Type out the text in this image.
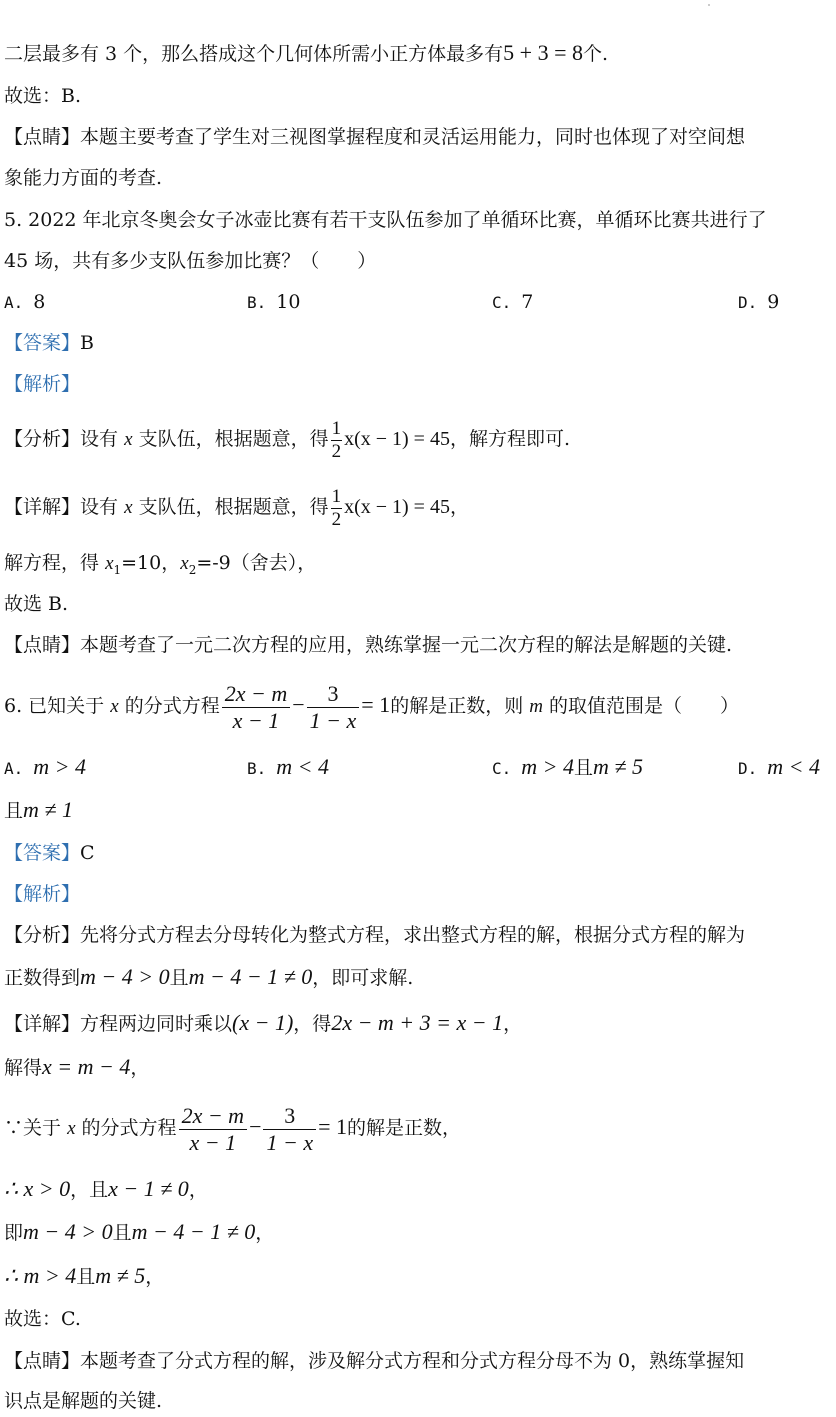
二层最多有 3 个，那么搭成这个几何体所需小正方体最多有5 + 3 = 8个.
故选：B.
【点睛】本题主要考查了学生对三视图掌握程度和灵活运用能力，同时也体现了对空间想
象能力方面的考查.
5. 2022 年北京冬奥会女子冰壶比赛有若干支队伍参加了单循环比赛，单循环比赛共进行了
45 场，共有多少支队伍参加比赛？（　　）
A. 8	B. 10	C. 7	D. 9
【答案】B
【解析】
【分析】设有 x 支队伍，根据题意，得 $\frac{1}{2} x(x - 1) = 45$，解方程即可.
【详解】设有 x 支队伍，根据题意，得 $\frac{1}{2} x(x - 1) = 45$，
解方程，得 $x_1=10$，$x_2=-9$（舍去），
故选 B.
【点睛】本题考查了一元二次方程的应用，熟练掌握一元二次方程的解法是解题的关键.
6. 已知关于 x 的分式方程 $\frac{2x - m}{x - 1} - \frac{3}{1 - x} = 1$的解是正数，则 m 的取值范围是（　　）
A. m > 4	B. m < 4	C. m > 4且m ≠ 5	D. m < 4
且m ≠ 1
【答案】C
【解析】
【分析】先将分式方程去分母转化为整式方程，求出整式方程的解，根据分式方程的解为
正数得到m − 4 > 0且m − 4 − 1 ≠ 0，即可求解.
【详解】方程两边同时乘以(x − 1)，得2x − m + 3 = x − 1，
解得x = m − 4，
∵关于 x 的分式方程 $\frac{2x - m}{x - 1} - \frac{3}{1 - x} = 1$的解是正数，
∴ x > 0，且x − 1 ≠ 0，
即m − 4 > 0且m − 4 − 1 ≠ 0，
∴ m > 4且m ≠ 5，
故选：C.
【点睛】本题考查了分式方程的解，涉及解分式方程和分式方程分母不为 0，熟练掌握知
识点是解题的关键.
